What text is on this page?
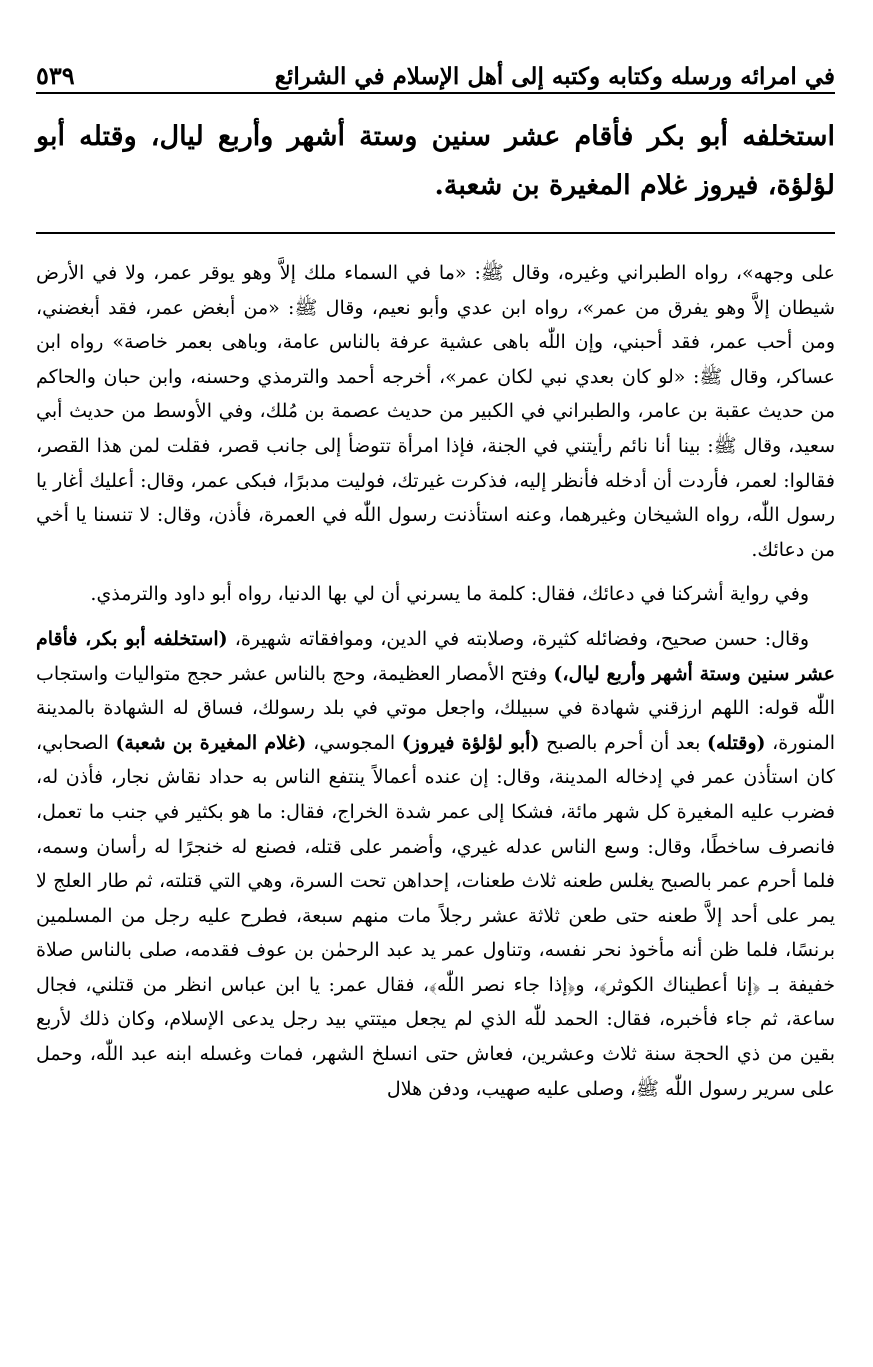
في امرائه ورسله وكتابه وكتبه إلى أهل الإسلام في الشرائع
٥٣٩
استخلفه أبو بكر فأقام عشر سنين وستة أشهر وأربع ليال، وقتله أبو لؤلؤة، فيروز غلام المغيرة بن شعبة.

على وجهه»، رواه الطبراني وغيره، وقال ﷺ: «ما في السماء ملك إلاَّ وهو يوقر عمر، ولا في الأرض شيطان إلاَّ وهو يفرق من عمر»، رواه ابن عدي وأبو نعيم، وقال ﷺ: «من أبغض عمر، فقد أبغضني، ومن أحب عمر، فقد أحبني، وإن اللّٰه باهى عشية عرفة بالناس عامة، وباهى بعمر خاصة» رواه ابن عساكر، وقال ﷺ: «لو كان بعدي نبي لكان عمر»، أخرجه أحمد والترمذي وحسنه، وابن حبان والحاكم من حديث عقبة بن عامر، والطبراني في الكبير من حديث عصمة بن مُلك، وفي الأوسط من حديث أبي سعيد، وقال ﷺ: بينا أنا نائم رأيتني في الجنة، فإذا امرأة تتوضأ إلى جانب قصر، فقلت لمن هذا القصر، فقالوا: لعمر، فأردت أن أدخله فأنظر إليه، فذكرت غيرتك، فوليت مدبرًا، فبكى عمر، وقال: أعليك أغار يا رسول اللّٰه، رواه الشيخان وغيرهما، وعنه استأذنت رسول اللّٰه في العمرة، فأذن، وقال: لا تنسنا يا أخي من دعائك.

وفي رواية أشركنا في دعائك، فقال: كلمة ما يسرني أن لي بها الدنيا، رواه أبو داود والترمذي.

وقال: حسن صحيح، وفضائله كثيرة، وصلابته في الدين، وموافقاته شهيرة، (استخلفه أبو بكر، فأقام عشر سنين وستة أشهر وأربع ليال،) وفتح الأمصار العظيمة، وحج بالناس عشر حجج متواليات واستجاب اللّٰه قوله: اللهم ارزقني شهادة في سبيلك، واجعل موتي في بلد رسولك، فساق له الشهادة بالمدينة المنورة، (وقتله) بعد أن أحرم بالصبح (أبو لؤلؤة فيروز) المجوسي، (غلام المغيرة بن شعبة) الصحابي، كان استأذن عمر في إدخاله المدينة، وقال: إن عنده أعمالاً ينتفع الناس به حداد نقاش نجار، فأذن له، فضرب عليه المغيرة كل شهر مائة، فشكا إلى عمر شدة الخراج، فقال: ما هو بكثير في جنب ما تعمل، فانصرف ساخطًا، وقال: وسع الناس عدله غيري، وأضمر على قتله، فصنع له خنجرًا له رأسان وسمه، فلما أحرم عمر بالصبح يغلس طعنه ثلاث طعنات، إحداهن تحت السرة، وهي التي قتلته، ثم طار العلج لا يمر على أحد إلاَّ طعنه حتى طعن ثلاثة عشر رجلاً مات منهم سبعة، فطرح عليه رجل من المسلمين برنسًا، فلما ظن أنه مأخوذ نحر نفسه، وتناول عمر يد عبد الرحمٰن بن عوف فقدمه، صلى بالناس صلاة خفيفة بـ ﴿إنا أعطيناك الكوثر﴾، و﴿إذا جاء نصر اللّٰه﴾، فقال عمر: يا ابن عباس انظر من قتلني، فجال ساعة، ثم جاء فأخبره، فقال: الحمد للّٰه الذي لم يجعل ميتتي بيد رجل يدعى الإسلام، وكان ذلك لأربع بقين من ذي الحجة سنة ثلاث وعشرين، فعاش حتى انسلخ الشهر، فمات وغسله ابنه عبد اللّٰه، وحمل على سرير رسول اللّٰه ﷺ، وصلى عليه صهيب، ودفن هلال
